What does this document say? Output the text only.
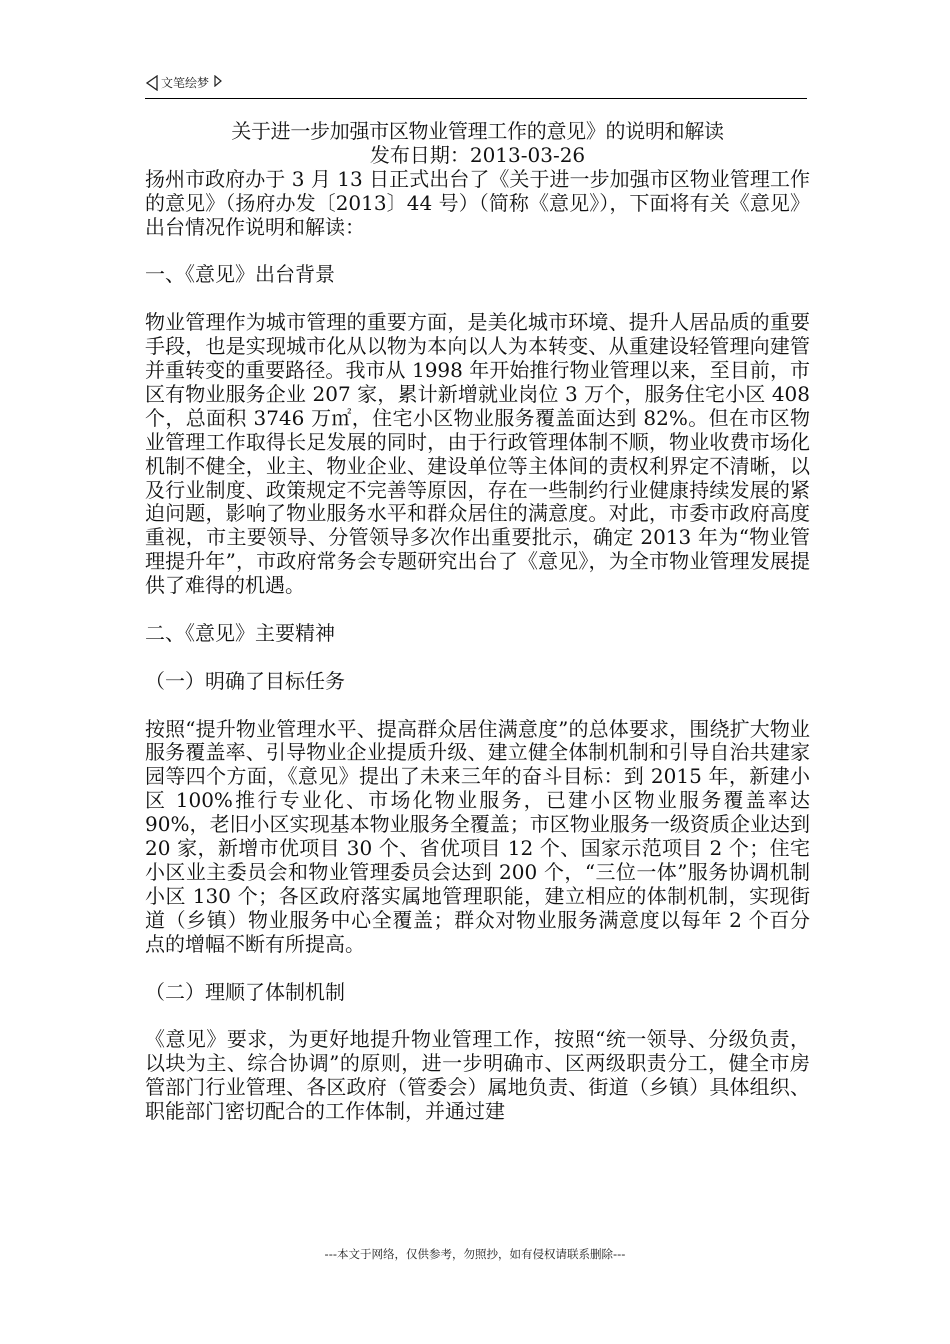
文笔绘梦
关于进一步加强市区物业管理工作的意见》的说明和解读
发布日期：2013-03-26

扬州市政府办于 3 月 13 日正式出台了《关于进一步加强市区物业管理工作的意见》（扬府办发〔2013〕44 号）（简称《意见》），下面将有关《意见》出台情况作说明和解读：

一、《意见》出台背景

物业管理作为城市管理的重要方面，是美化城市环境、提升人居品质的重要手段，也是实现城市化从以物为本向以人为本转变、从重建设轻管理向建管并重转变的重要路径。我市从 1998 年开始推行物业管理以来，至目前，市区有物业服务企业 207 家，累计新增就业岗位 3 万个，服务住宅小区 408 个，总面积 3746 万㎡，住宅小区物业服务覆盖面达到 82%。但在市区物业管理工作取得长足发展的同时，由于行政管理体制不顺，物业收费市场化机制不健全，业主、物业企业、建设单位等主体间的责权利界定不清晰，以及行业制度、政策规定不完善等原因，存在一些制约行业健康持续发展的紧迫问题，影响了物业服务水平和群众居住的满意度。对此，市委市政府高度重视，市主要领导、分管领导多次作出重要批示，确定 2013 年为“物业管理提升年”，市政府常务会专题研究出台了《意见》，为全市物业管理发展提供了难得的机遇。

二、《意见》主要精神

（一）明确了目标任务

按照“提升物业管理水平、提高群众居住满意度”的总体要求，围绕扩大物业服务覆盖率、引导物业企业提质升级、建立健全体制机制和引导自治共建家园等四个方面，《意见》提出了未来三年的奋斗目标：到 2015 年，新建小区 100%推行专业化、市场化物业服务，已建小区物业服务覆盖率达 90%，老旧小区实现基本物业服务全覆盖；市区物业服务一级资质企业达到 20 家，新增市优项目 30 个、省优项目 12 个、国家示范项目 2 个；住宅小区业主委员会和物业管理委员会达到 200 个，“三位一体”服务协调机制小区 130 个；各区政府落实属地管理职能，建立相应的体制机制，实现街道（乡镇）物业服务中心全覆盖；群众对物业服务满意度以每年 2 个百分点的增幅不断有所提高。

（二）理顺了体制机制

《意见》要求，为更好地提升物业管理工作，按照“统一领导、分级负责，以块为主、综合协调”的原则，进一步明确市、区两级职责分工，健全市房管部门行业管理、各区政府（管委会）属地负责、街道（乡镇）具体组织、职能部门密切配合的工作体制，并通过建

---本文于网络，仅供参考，勿照抄，如有侵权请联系删除---
